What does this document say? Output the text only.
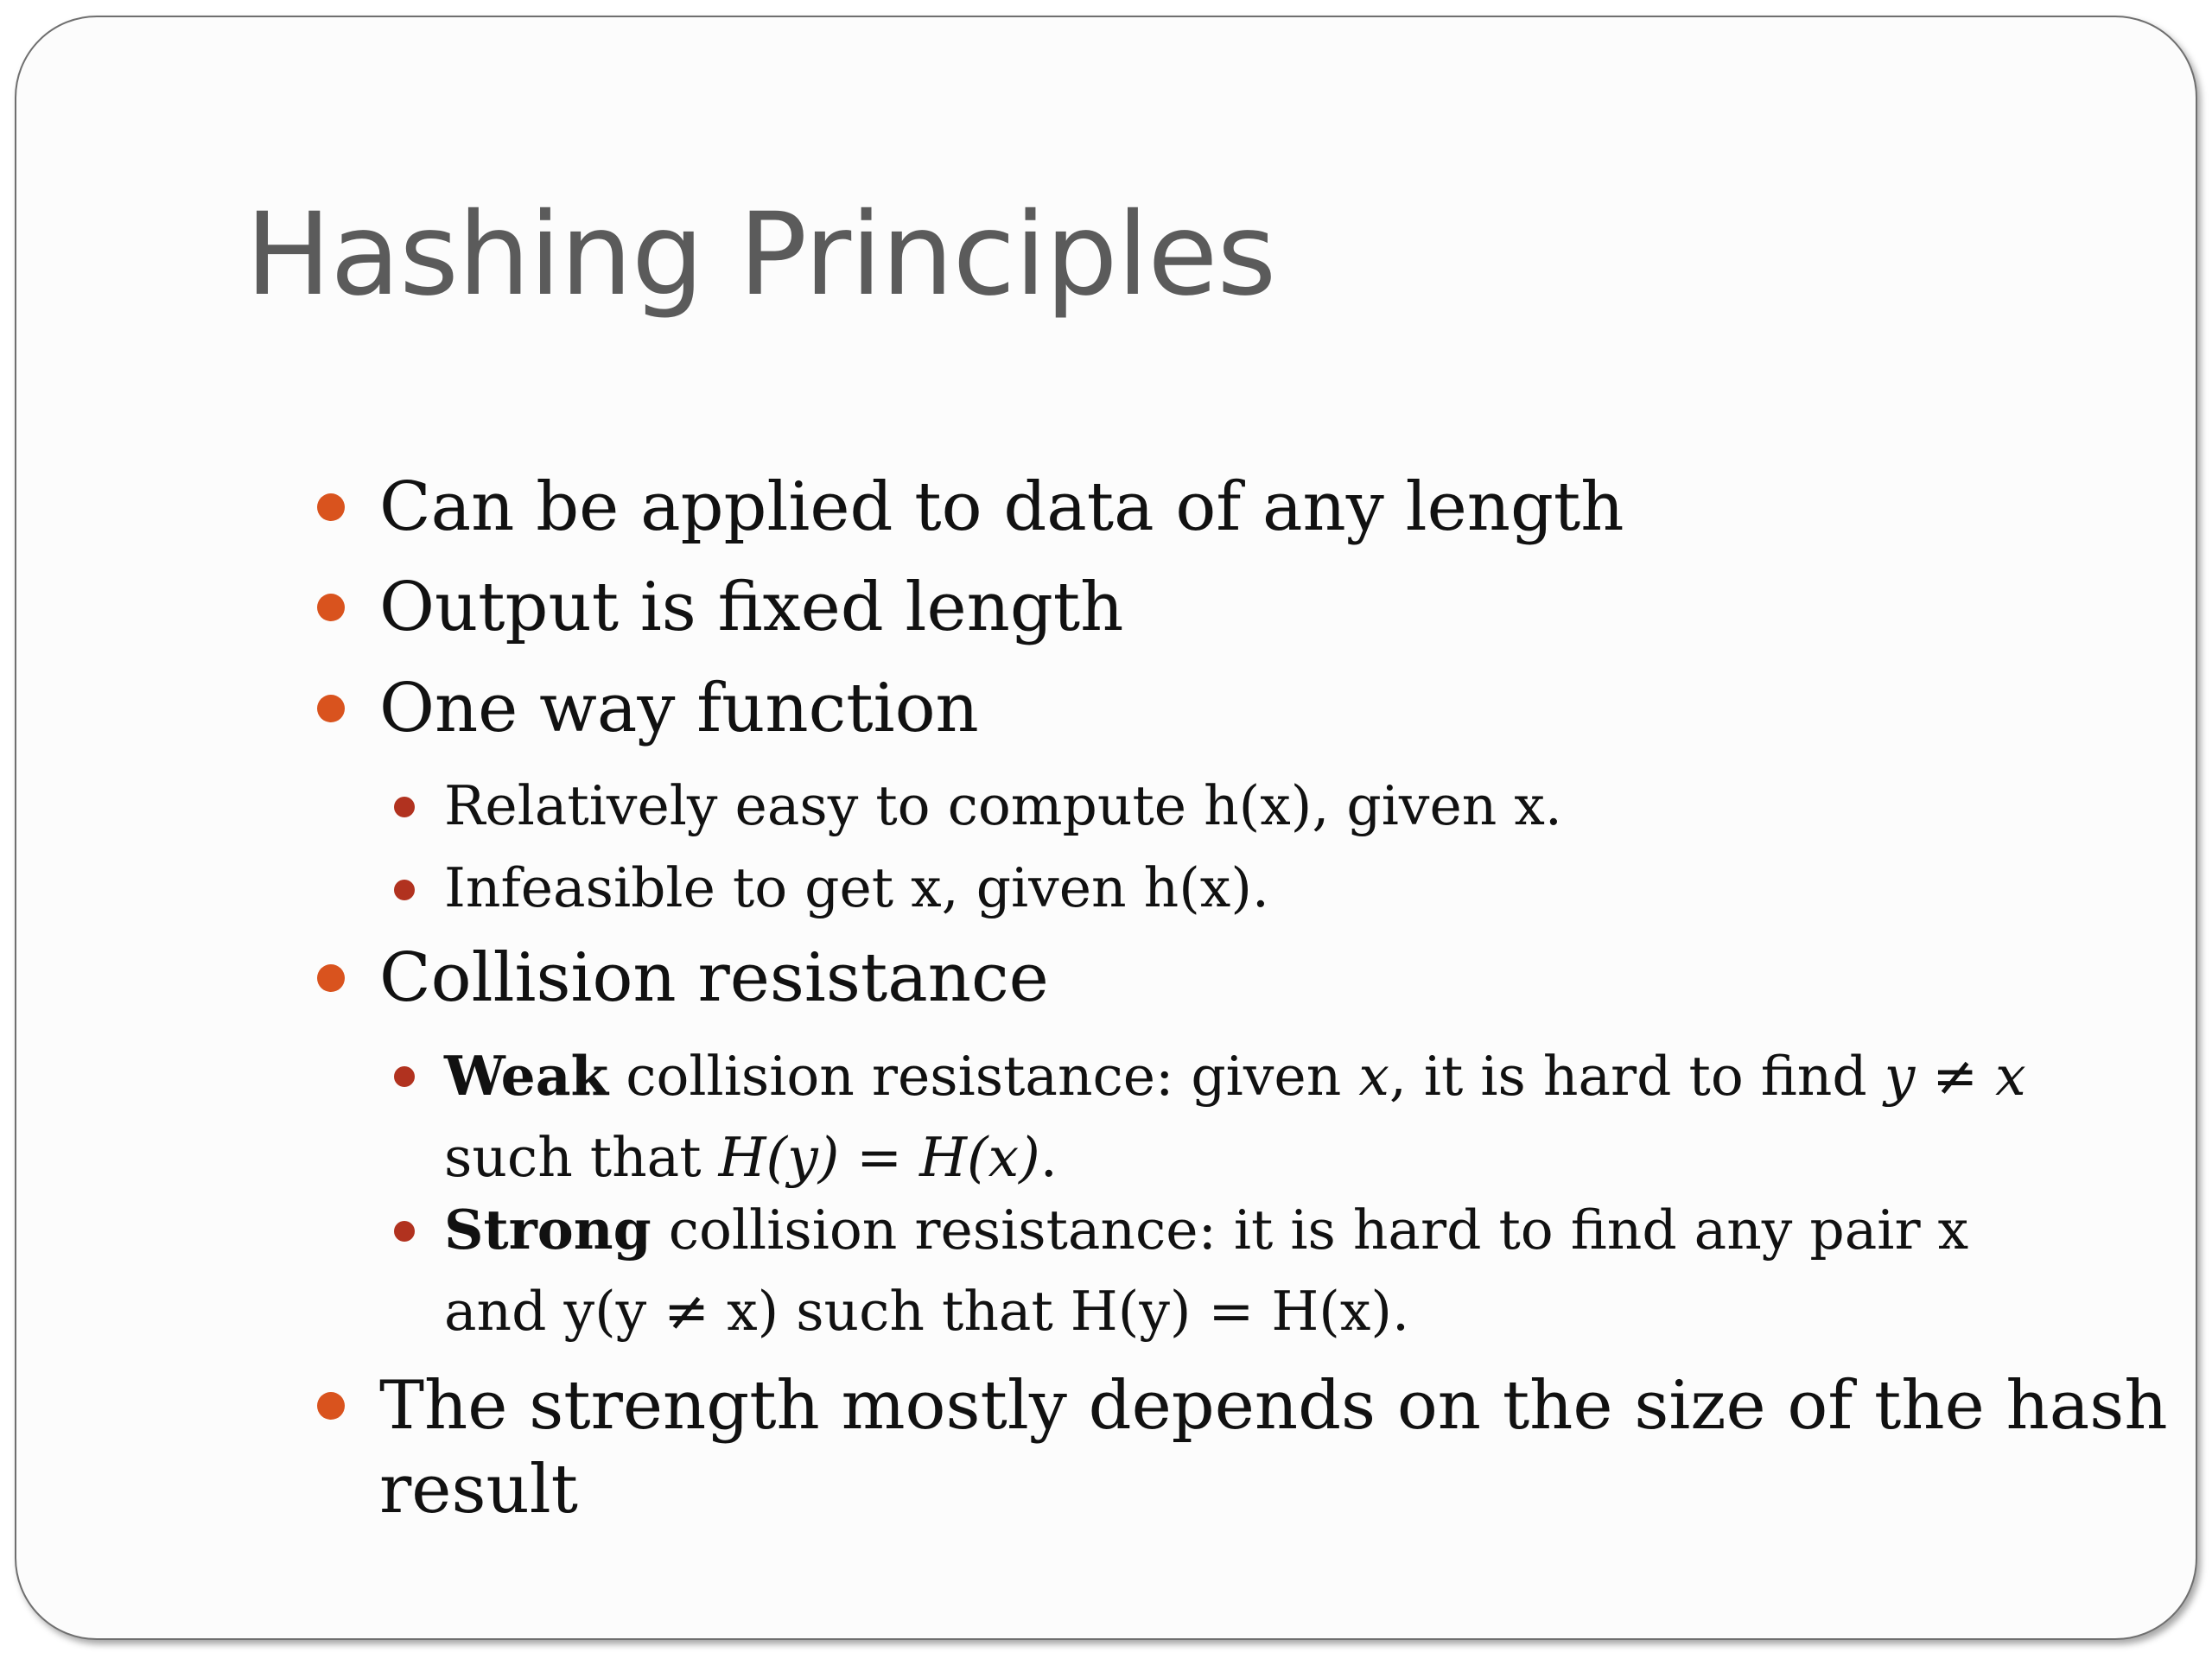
Hashing Principles
Can be applied to data of any length
Output is fixed length
One way function
Relatively easy to compute h(x), given x.
Infeasible to get x, given h(x).
Collision resistance
Weak collision resistance: given x, it is hard to find y ≠ x
such that H(y) = H(x).
Strong collision resistance: it is hard to find any pair x
and y(y ≠ x) such that H(y) = H(x).
The strength mostly depends on the size of the hash
result
